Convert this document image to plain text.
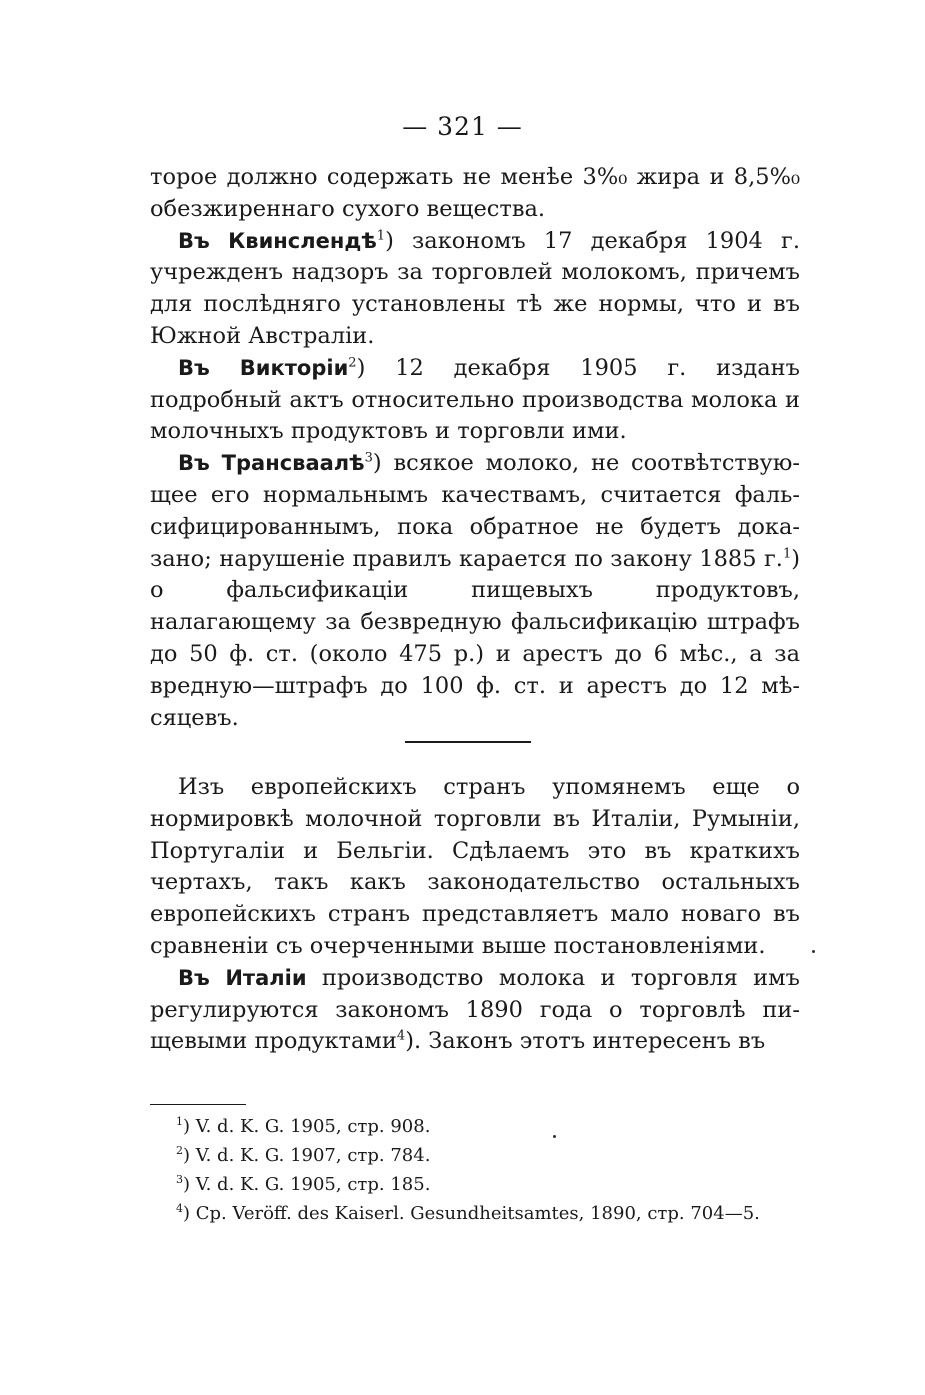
— 321 —

торое должно содержать не менѣе 3%₀ жира и 8,5%₀ обезжиреннаго сухого вещества.

Въ Квинслендѣ$^1$) закономъ 17 декабря 1904 г. учрежденъ надзоръ за торговлей молокомъ, причемъ для послѣдняго установлены тѣ же нормы, что и въ Южной Австраліи.

Въ Викторіи$^2$) 12 декабря 1905 г. изданъ подробный актъ относительно производства молока и молочныхъ продуктовъ и торговли ими.

Въ Трансваалѣ$^3$) всякое молоко, не соотвѣтствующее его нормальнымъ качествамъ, считается фальсифицированнымъ, пока обратное не будетъ доказано; нарушеніе правилъ карается по закону 1885 г.$^1$) о фальсификаціи пищевыхъ продуктовъ, налагающему за безвредную фальсификацію штрафъ до 50 ф. ст. (около 475 р.) и арестъ до 6 мѣс., а за вредную—штрафъ до 100 ф. ст. и арестъ до 12 мѣсяцевъ.

Изъ европейскихъ странъ упомянемъ еще о нормировкѣ молочной торговли въ Италіи, Румыніи, Португаліи и Бельгіи. Сдѣлаемъ это въ краткихъ чертахъ, такъ какъ законодательство остальныхъ европейскихъ странъ представляетъ мало новаго въ сравненіи съ очерченными выше постановленіями.

Въ Италіи производство молока и торговля имъ регулируются закономъ 1890 года о торговлѣ пищевыми продуктами$^4$). Законъ этотъ интересенъ въ

$^1$) V. d. K. G. 1905, стр. 908.
$^2$) V. d. K. G. 1907, стр. 784.
$^3$) V. d. K. G. 1905, стр. 185.
$^4$) Cp. Veröff. des Kaiserl. Gesundheitsamtes, 1890, стр. 704—5.
